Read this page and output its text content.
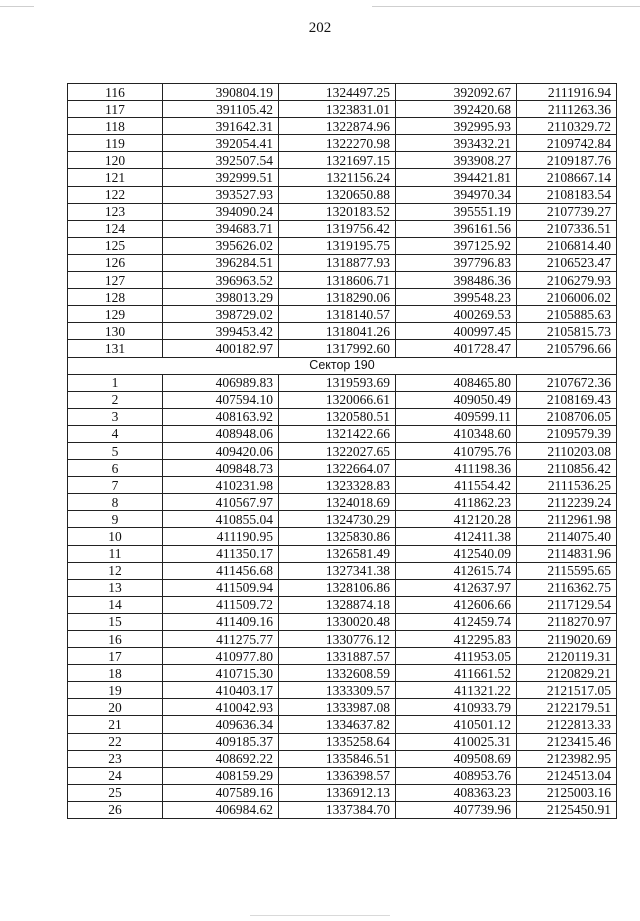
202
116	390804.19	1324497.25	392092.67	2111916.94
117	391105.42	1323831.01	392420.68	2111263.36
118	391642.31	1322874.96	392995.93	2110329.72
119	392054.41	1322270.98	393432.21	2109742.84
120	392507.54	1321697.15	393908.27	2109187.76
121	392999.51	1321156.24	394421.81	2108667.14
122	393527.93	1320650.88	394970.34	2108183.54
123	394090.24	1320183.52	395551.19	2107739.27
124	394683.71	1319756.42	396161.56	2107336.51
125	395626.02	1319195.75	397125.92	2106814.40
126	396284.51	1318877.93	397796.83	2106523.47
127	396963.52	1318606.71	398486.36	2106279.93
128	398013.29	1318290.06	399548.23	2106006.02
129	398729.02	1318140.57	400269.53	2105885.63
130	399453.42	1318041.26	400997.45	2105815.73
131	400182.97	1317992.60	401728.47	2105796.66
Сектор 190				
1	406989.83	1319593.69	408465.80	2107672.36
2	407594.10	1320066.61	409050.49	2108169.43
3	408163.92	1320580.51	409599.11	2108706.05
4	408948.06	1321422.66	410348.60	2109579.39
5	409420.06	1322027.65	410795.76	2110203.08
6	409848.73	1322664.07	411198.36	2110856.42
7	410231.98	1323328.83	411554.42	2111536.25
8	410567.97	1324018.69	411862.23	2112239.24
9	410855.04	1324730.29	412120.28	2112961.98
10	411190.95	1325830.86	412411.38	2114075.40
11	411350.17	1326581.49	412540.09	2114831.96
12	411456.68	1327341.38	412615.74	2115595.65
13	411509.94	1328106.86	412637.97	2116362.75
14	411509.72	1328874.18	412606.66	2117129.54
15	411409.16	1330020.48	412459.74	2118270.97
16	411275.77	1330776.12	412295.83	2119020.69
17	410977.80	1331887.57	411953.05	2120119.31
18	410715.30	1332608.59	411661.52	2120829.21
19	410403.17	1333309.57	411321.22	2121517.05
20	410042.93	1333987.08	410933.79	2122179.51
21	409636.34	1334637.82	410501.12	2122813.33
22	409185.37	1335258.64	410025.31	2123415.46
23	408692.22	1335846.51	409508.69	2123982.95
24	408159.29	1336398.57	408953.76	2124513.04
25	407589.16	1336912.13	408363.23	2125003.16
26	406984.62	1337384.70	407739.96	2125450.91
